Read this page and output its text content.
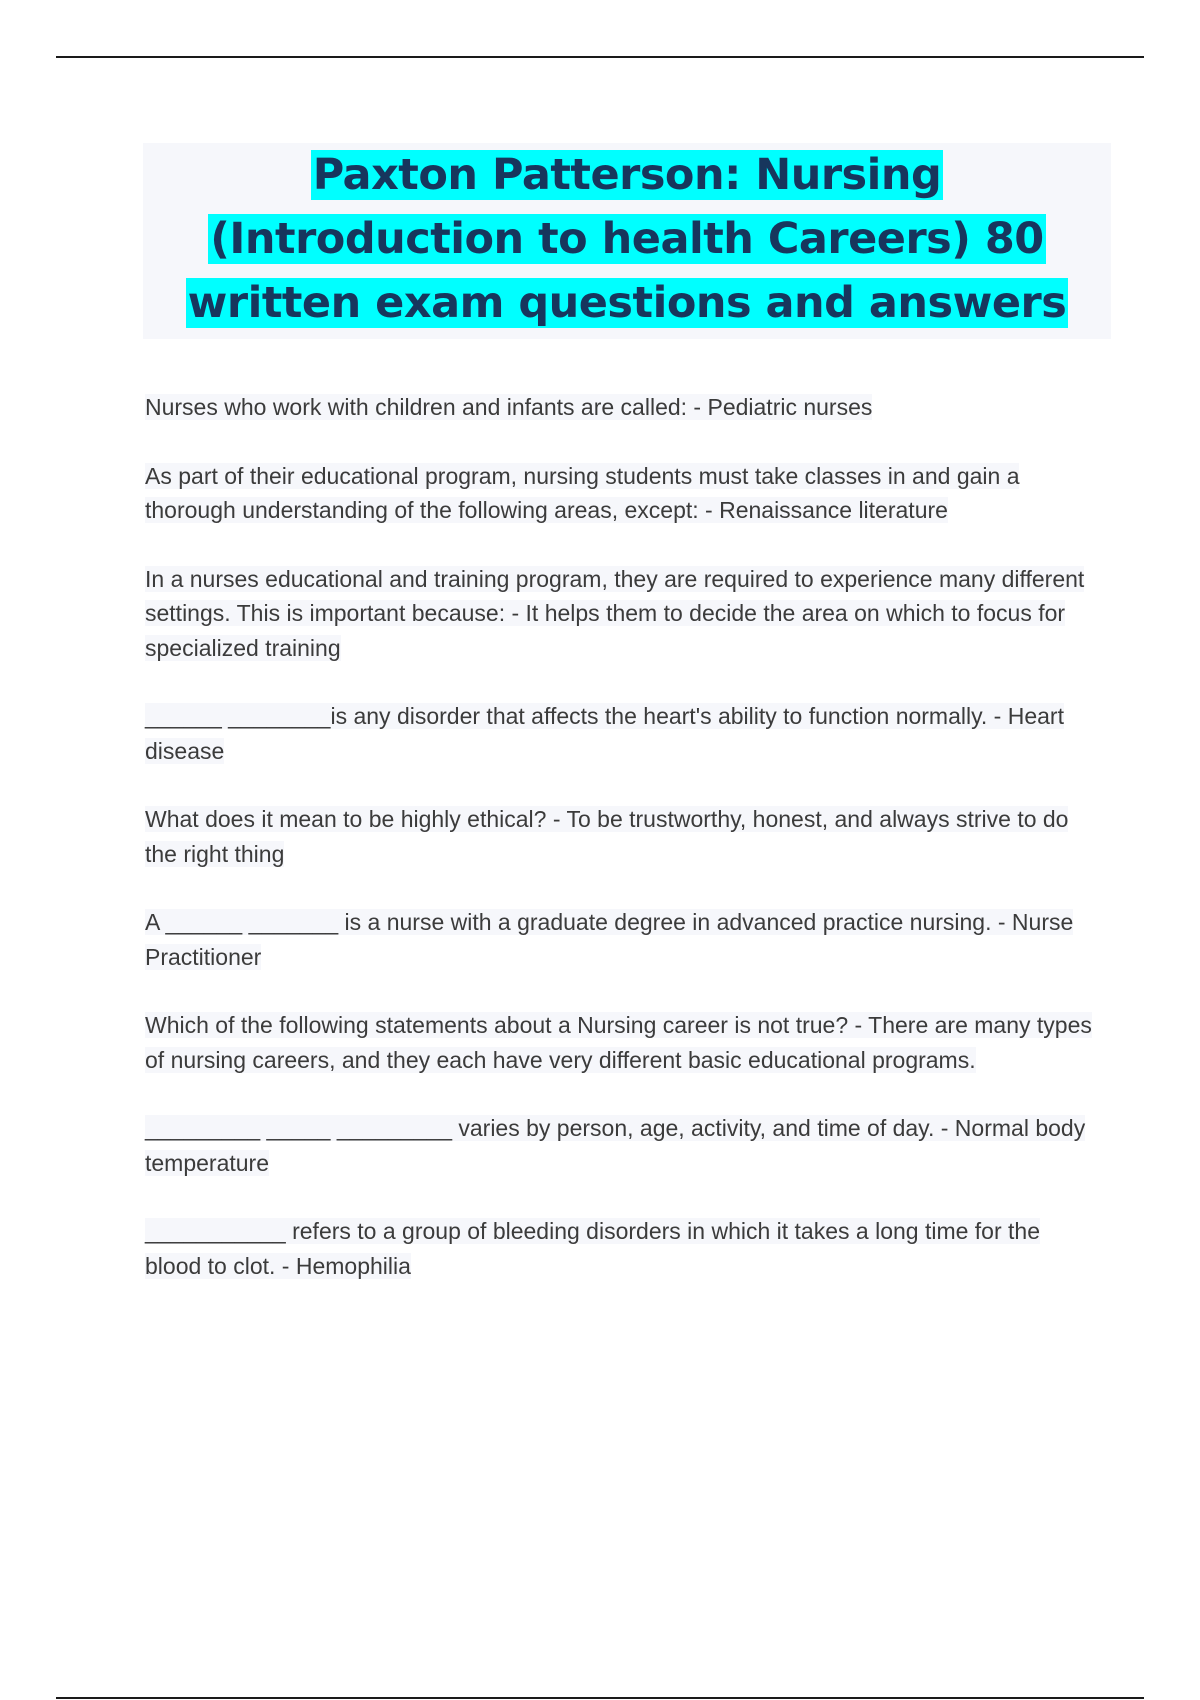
Paxton Patterson: Nursing (Introduction to health Careers) 80 written exam questions and answers
Nurses who work with children and infants are called: - Pediatric nurses
As part of their educational program, nursing students must take classes in and gain a thorough understanding of the following areas, except: - Renaissance literature
In a nurses educational and training program, they are required to experience many different settings. This is important because: - It helps them to decide the area on which to focus for specialized training
______ ________is any disorder that affects the heart's ability to function normally. - Heart disease
What does it mean to be highly ethical? - To be trustworthy, honest, and always strive to do the right thing
A ______ _______ is a nurse with a graduate degree in advanced practice nursing. - Nurse Practitioner
Which of the following statements about a Nursing career is not true? - There are many types of nursing careers, and they each have very different basic educational programs.
_________ _____ _________ varies by person, age, activity, and time of day. - Normal body temperature
___________ refers to a group of bleeding disorders in which it takes a long time for the blood to clot. - Hemophilia
